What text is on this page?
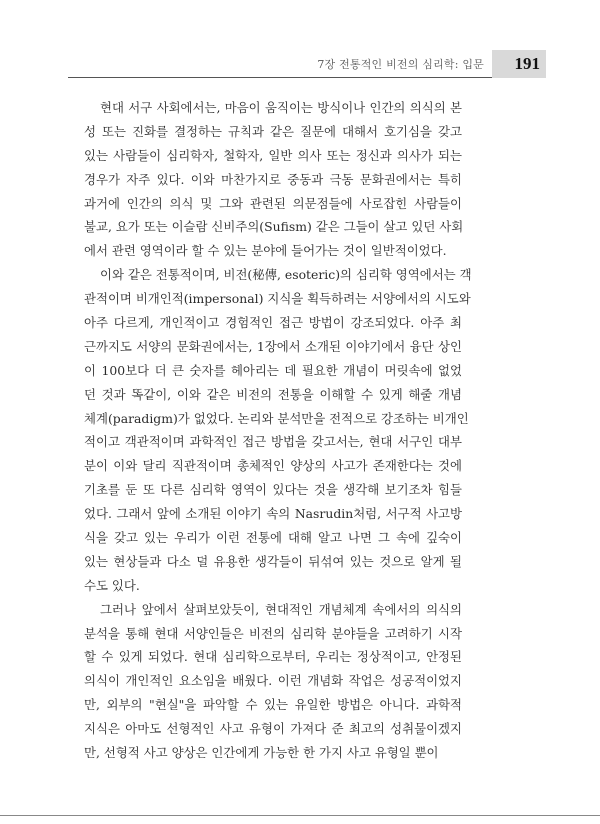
7장 전통적인 비전의 심리학: 입문 191
현대 서구 사회에서는, 마음이 움직이는 방식이나 인간의 의식의 본
성 또는 진화를 결정하는 규칙과 같은 질문에 대해서 호기심을 갖고
있는 사람들이 심리학자, 철학자, 일반 의사 또는 정신과 의사가 되는
경우가 자주 있다. 이와 마찬가지로 중동과 극동 문화권에서는 특히
과거에 인간의 의식 및 그와 관련된 의문점들에 사로잡힌 사람들이
불교, 요가 또는 이슬람 신비주의(Sufism) 같은 그들이 살고 있던 사회
에서 관련 영역이라 할 수 있는 분야에 들어가는 것이 일반적이었다.
이와 같은 전통적이며, 비전(秘傳, esoteric)의 심리학 영역에서는 객
관적이며 비개인적(impersonal) 지식을 획득하려는 서양에서의 시도와
아주 다르게, 개인적이고 경험적인 접근 방법이 강조되었다. 아주 최
근까지도 서양의 문화권에서는, 1장에서 소개된 이야기에서 융단 상인
이 100보다 더 큰 숫자를 헤아리는 데 필요한 개념이 머릿속에 없었
던 것과 똑같이, 이와 같은 비전의 전통을 이해할 수 있게 해줄 개념
체계(paradigm)가 없었다. 논리와 분석만을 전적으로 강조하는 비개인
적이고 객관적이며 과학적인 접근 방법을 갖고서는, 현대 서구인 대부
분이 이와 달리 직관적이며 총체적인 양상의 사고가 존재한다는 것에
기초를 둔 또 다른 심리학 영역이 있다는 것을 생각해 보기조차 힘들
었다. 그래서 앞에 소개된 이야기 속의 Nasrudin처럼, 서구적 사고방
식을 갖고 있는 우리가 이런 전통에 대해 알고 나면 그 속에 깊숙이
있는 현상들과 다소 덜 유용한 생각들이 뒤섞여 있는 것으로 알게 될
수도 있다.
그러나 앞에서 살펴보았듯이, 현대적인 개념체계 속에서의 의식의
분석을 통해 현대 서양인들은 비전의 심리학 분야들을 고려하기 시작
할 수 있게 되었다. 현대 심리학으로부터, 우리는 정상적이고, 안정된
의식이 개인적인 요소임을 배웠다. 이런 개념화 작업은 성공적이었지
만, 외부의 "현실"을 파악할 수 있는 유일한 방법은 아니다. 과학적
지식은 아마도 선형적인 사고 유형이 가져다 준 최고의 성취물이겠지
만, 선형적 사고 양상은 인간에게 가능한 한 가지 사고 유형일 뿐이
